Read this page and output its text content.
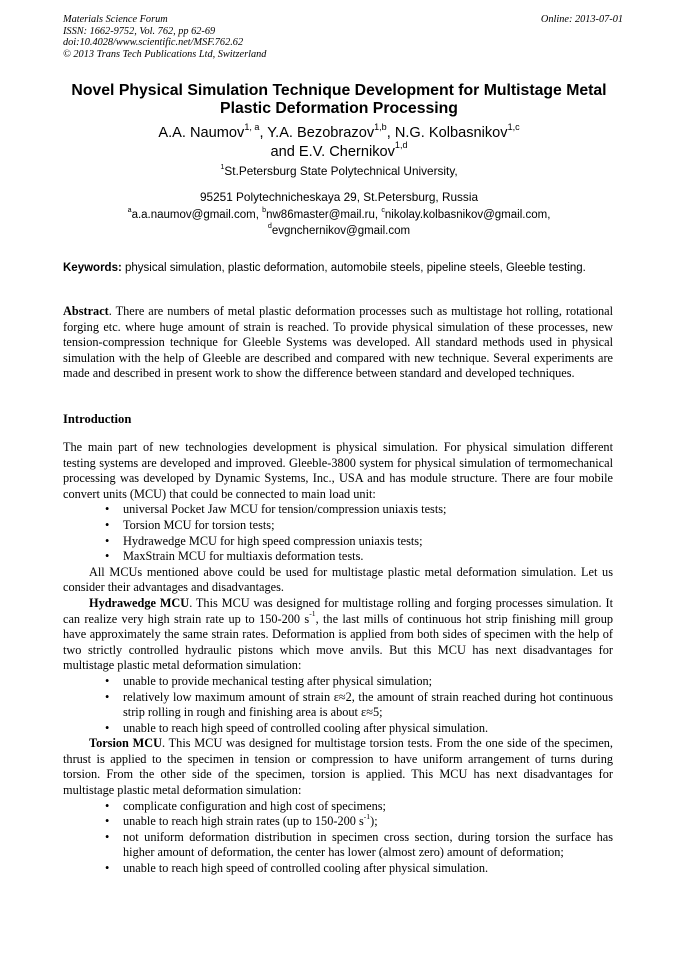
Materials Science Forum
ISSN: 1662-9752, Vol. 762, pp 62-69
doi:10.4028/www.scientific.net/MSF.762.62
© 2013 Trans Tech Publications Ltd, Switzerland
Online: 2013-07-01
Novel Physical Simulation Technique Development for Multistage Metal Plastic Deformation Processing
A.A. Naumov$^{1, a}$, Y.A. Bezobrazov$^{1,b}$, N.G. Kolbasnikov$^{1,c}$
and E.V. Chernikov$^{1,d}$
$^1$St.Petersburg State Polytechnical University,
95251 Polytechnicheskaya 29, St.Petersburg, Russia
$^a$a.a.naumov@gmail.com, $^b$nw86master@mail.ru, $^c$nikolay.kolbasnikov@gmail.com,
$^d$evgnchernikov@gmail.com
Keywords: physical simulation, plastic deformation, automobile steels, pipeline steels, Gleeble testing.
Abstract. There are numbers of metal plastic deformation processes such as multistage hot rolling, rotational forging etc. where huge amount of strain is reached. To provide physical simulation of these processes, new tension-compression technique for Gleeble Systems was developed. All standard methods used in physical simulation with the help of Gleeble are described and compared with new technique. Several experiments are made and described in present work to show the difference between standard and developed techniques.
Introduction

The main part of new technologies development is physical simulation. For physical simulation different testing systems are developed and improved. Gleeble-3800 system for physical simulation of termomechanical processing was developed by Dynamic Systems, Inc., USA and has module structure. There are four mobile convert units (MCU) that could be connected to main load unit:

• universal Pocket Jaw MCU for tension/compression uniaxis tests;
• Torsion MCU for torsion tests;
• Hydrawedge MCU for high speed compression uniaxis tests;
• MaxStrain MCU for multiaxis deformation tests.

All MCUs mentioned above could be used for multistage plastic metal deformation simulation. Let us consider their advantages and disadvantages.

Hydrawedge MCU. This MCU was designed for multistage rolling and forging processes simulation. It can realize very high strain rate up to 150-200 $s^{-1}$, the last mills of continuous hot strip finishing mill group have approximately the same strain rates. Deformation is applied from both sides of specimen with the help of two strictly controlled hydraulic pistons which move anvils. But this MCU has next disadvantages for multistage plastic metal deformation simulation:

• unable to provide mechanical testing after physical simulation;
• relatively low maximum amount of strain ε≈2, the amount of strain reached during hot continuous strip rolling in rough and finishing area is about ε≈5;
• unable to reach high speed of controlled cooling after physical simulation.

Torsion MCU. This MCU was designed for multistage torsion tests. From the one side of the specimen, thrust is applied to the specimen in tension or compression to have uniform arrangement of turns during torsion. From the other side of the specimen, torsion is applied. This MCU has next disadvantages for multistage plastic metal deformation simulation:

• complicate configuration and high cost of specimens;
• unable to reach high strain rates (up to 150-200 $s^{-1}$);
• not uniform deformation distribution in specimen cross section, during torsion the surface has higher amount of deformation, the center has lower (almost zero) amount of deformation;
• unable to reach high speed of controlled cooling after physical simulation.
